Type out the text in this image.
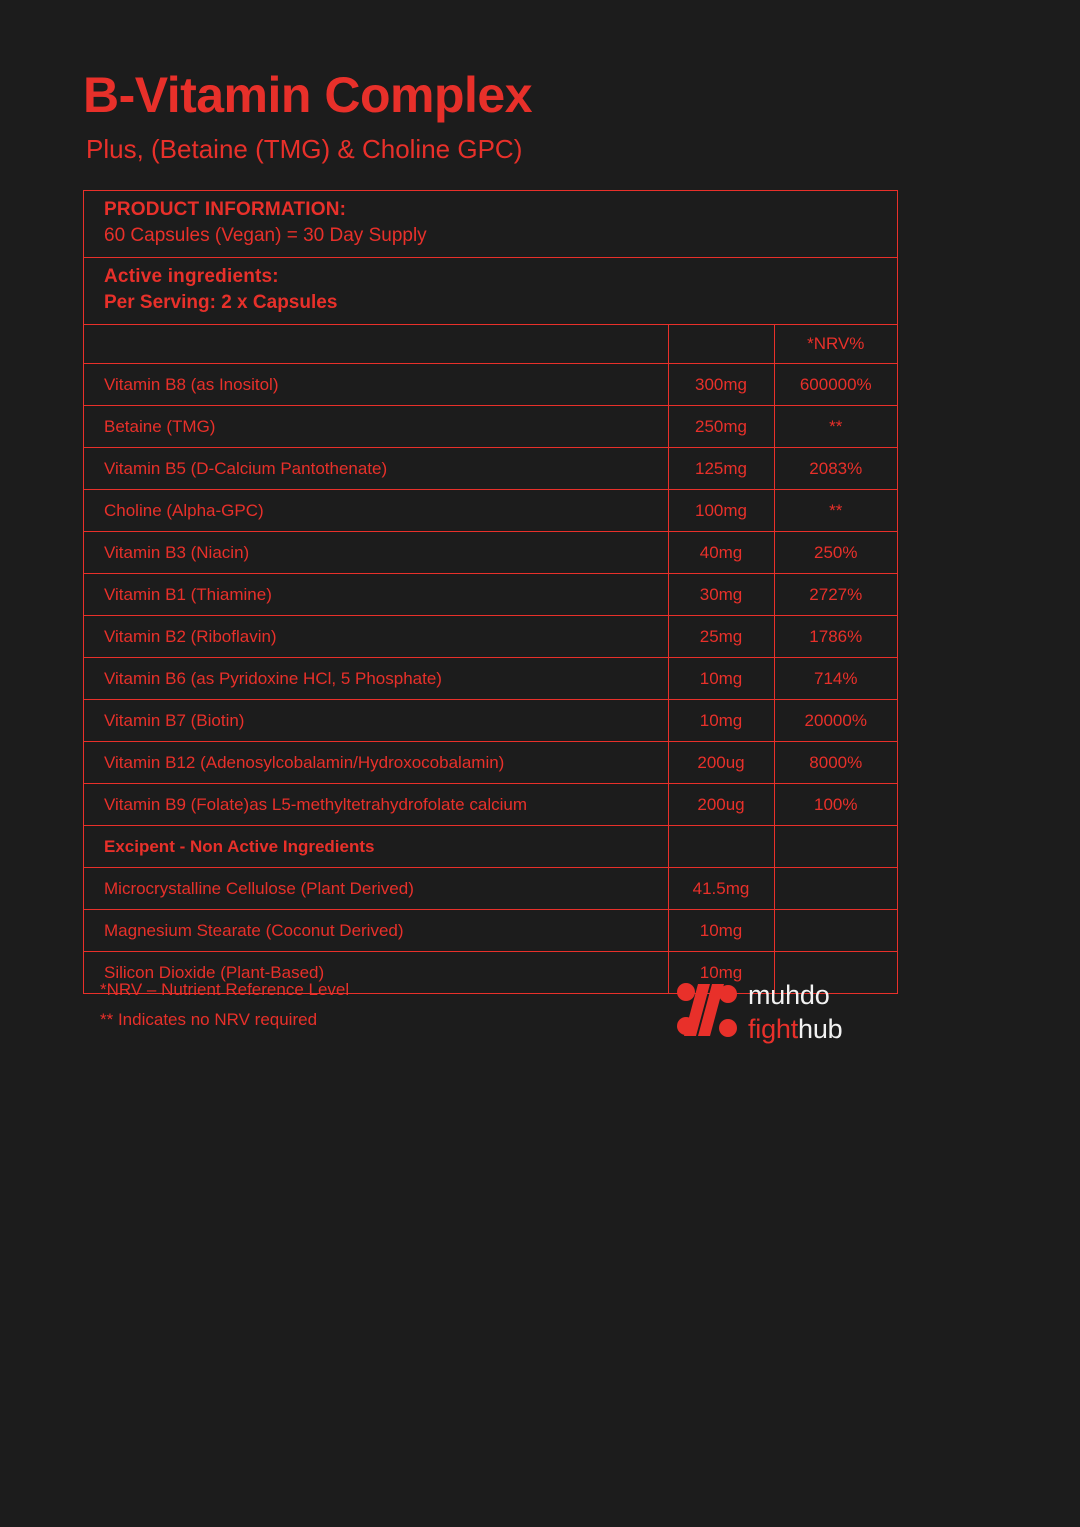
B-Vitamin Complex
Plus, (Betaine (TMG) & Choline GPC)
PRODUCT INFORMATION:
60 Capsules (Vegan) = 30 Day Supply
Active ingredients:
Per Serving: 2 x Capsules
		*NRV%
Vitamin B8 (as Inositol)	300mg	600000%
Betaine (TMG)	250mg	**
Vitamin B5 (D-Calcium Pantothenate)	125mg	2083%
Choline (Alpha-GPC)	100mg	**
Vitamin B3 (Niacin)	40mg	250%
Vitamin B1 (Thiamine)	30mg	2727%
Vitamin B2 (Riboflavin)	25mg	1786%
Vitamin B6 (as Pyridoxine HCl, 5 Phosphate)	10mg	714%
Vitamin B7 (Biotin)	10mg	20000%
Vitamin B12 (Adenosylcobalamin/Hydroxocobalamin)	200ug	8000%
Vitamin B9 (Folate)as L5-methyltetrahydrofolate calcium	200ug	100%
Excipent - Non Active Ingredients		
Microcrystalline Cellulose (Plant Derived)	41.5mg	
Magnesium Stearate (Coconut Derived)	10mg	
Silicon Dioxide (Plant-Based)	10mg	
*NRV – Nutrient Reference Level
** Indicates no NRV required
muhdo
fighthub
